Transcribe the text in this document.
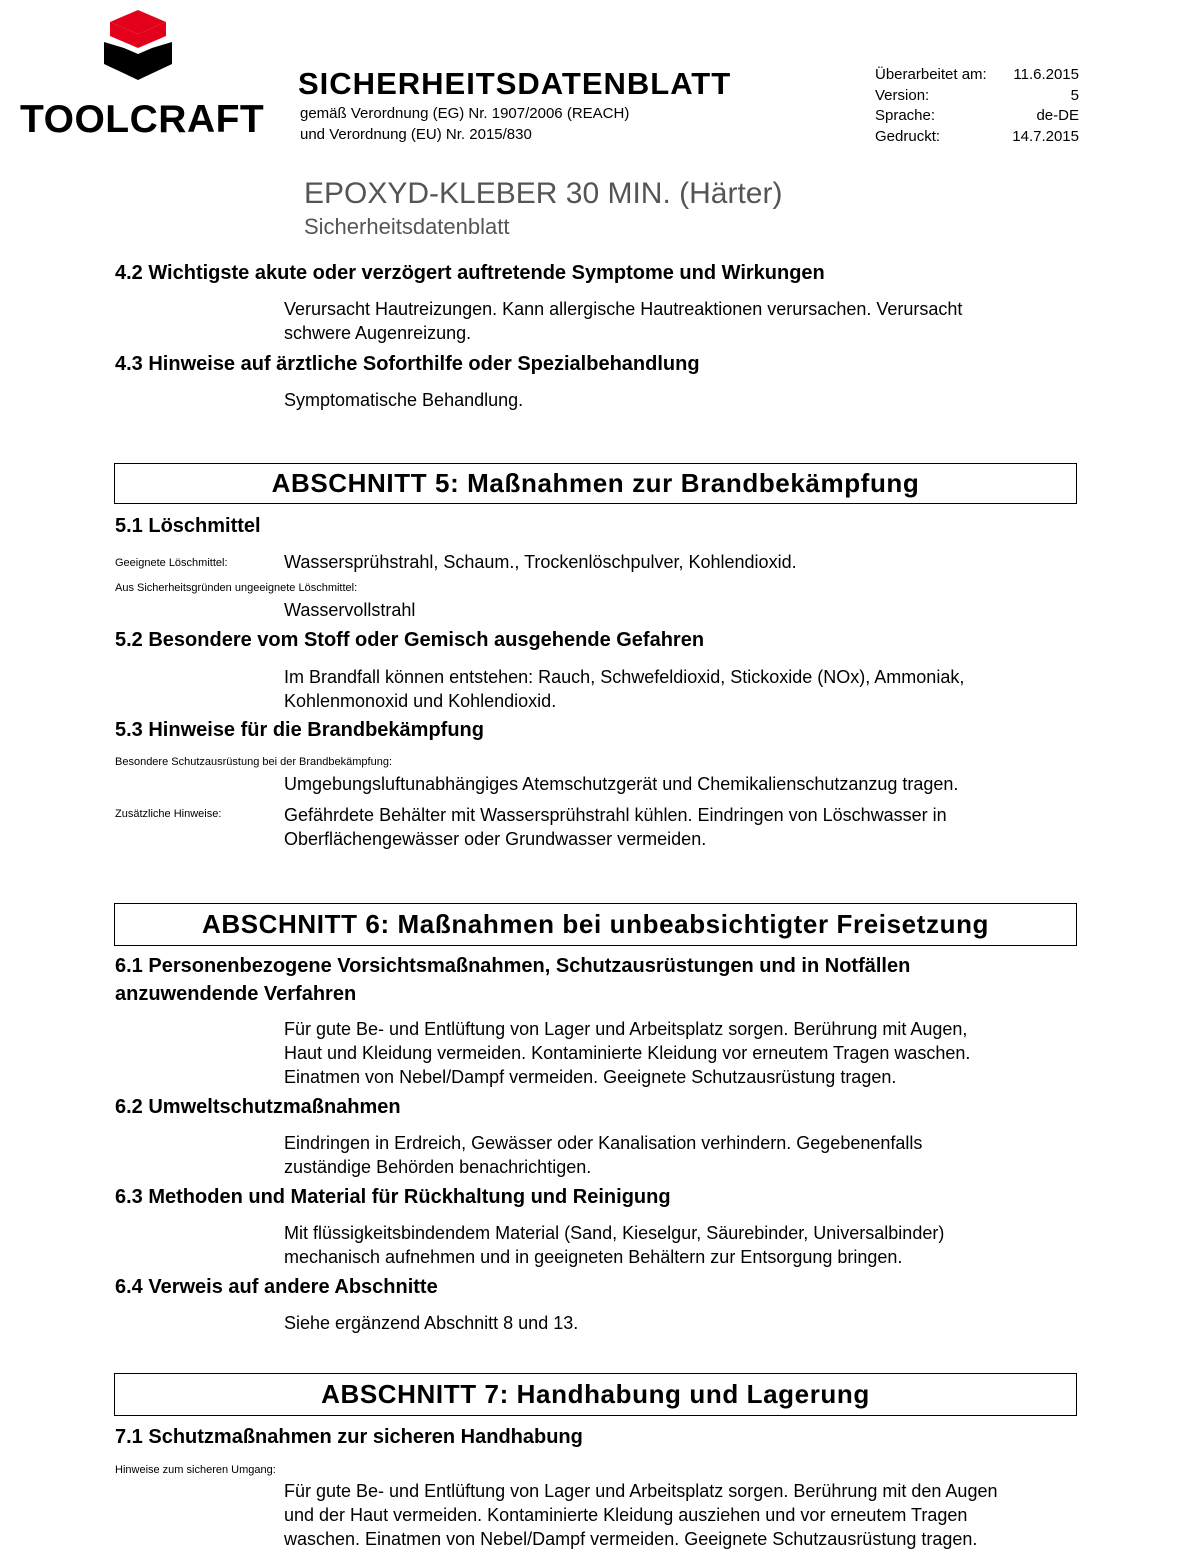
TOOLCRAFT
SICHERHEITSDATENBLATT
gemäß Verordnung (EG) Nr. 1907/2006 (REACH)
und Verordnung (EU) Nr. 2015/830
Überarbeitet am: 11.6.2015
Version:	5
Sprache:	de-DE
Gedruckt:	14.7.2015
EPOXYD-KLEBER 30 MIN. (Härter)
Sicherheitsdatenblatt
4.2 Wichtigste akute oder verzögert auftretende Symptome und Wirkungen
Verursacht Hautreizungen. Kann allergische Hautreaktionen verursachen. Verursacht
schwere Augenreizung.
4.3 Hinweise auf ärztliche Soforthilfe oder Spezialbehandlung
Symptomatische Behandlung.
ABSCHNITT 5: Maßnahmen zur Brandbekämpfung
5.1 Löschmittel
Geeignete Löschmittel:	Wassersprühstrahl, Schaum., Trockenlöschpulver, Kohlendioxid.
Aus Sicherheitsgründen ungeeignete Löschmittel:
Wasservollstrahl
5.2 Besondere vom Stoff oder Gemisch ausgehende Gefahren
Im Brandfall können entstehen: Rauch, Schwefeldioxid, Stickoxide (NOx), Ammoniak,
Kohlenmonoxid und Kohlendioxid.
5.3 Hinweise für die Brandbekämpfung
Besondere Schutzausrüstung bei der Brandbekämpfung:
Umgebungsluftunabhängiges Atemschutzgerät und Chemikalienschutzanzug tragen.
Zusätzliche Hinweise:	Gefährdete Behälter mit Wassersprühstrahl kühlen. Eindringen von Löschwasser in
Oberflächengewässer oder Grundwasser vermeiden.
ABSCHNITT 6: Maßnahmen bei unbeabsichtigter Freisetzung
6.1 Personenbezogene Vorsichtsmaßnahmen, Schutzausrüstungen und in Notfällen
anzuwendende Verfahren
Für gute Be- und Entlüftung von Lager und Arbeitsplatz sorgen. Berührung mit Augen,
Haut und Kleidung vermeiden. Kontaminierte Kleidung vor erneutem Tragen waschen.
Einatmen von Nebel/Dampf vermeiden. Geeignete Schutzausrüstung tragen.
6.2 Umweltschutzmaßnahmen
Eindringen in Erdreich, Gewässer oder Kanalisation verhindern. Gegebenenfalls
zuständige Behörden benachrichtigen.
6.3 Methoden und Material für Rückhaltung und Reinigung
Mit flüssigkeitsbindendem Material (Sand, Kieselgur, Säurebinder, Universalbinder)
mechanisch aufnehmen und in geeigneten Behältern zur Entsorgung bringen.
6.4 Verweis auf andere Abschnitte
Siehe ergänzend Abschnitt 8 und 13.
ABSCHNITT 7: Handhabung und Lagerung
7.1 Schutzmaßnahmen zur sicheren Handhabung
Hinweise zum sicheren Umgang:
Für gute Be- und Entlüftung von Lager und Arbeitsplatz sorgen. Berührung mit den Augen
und der Haut vermeiden. Kontaminierte Kleidung ausziehen und vor erneutem Tragen
waschen. Einatmen von Nebel/Dampf vermeiden. Geeignete Schutzausrüstung tragen.
